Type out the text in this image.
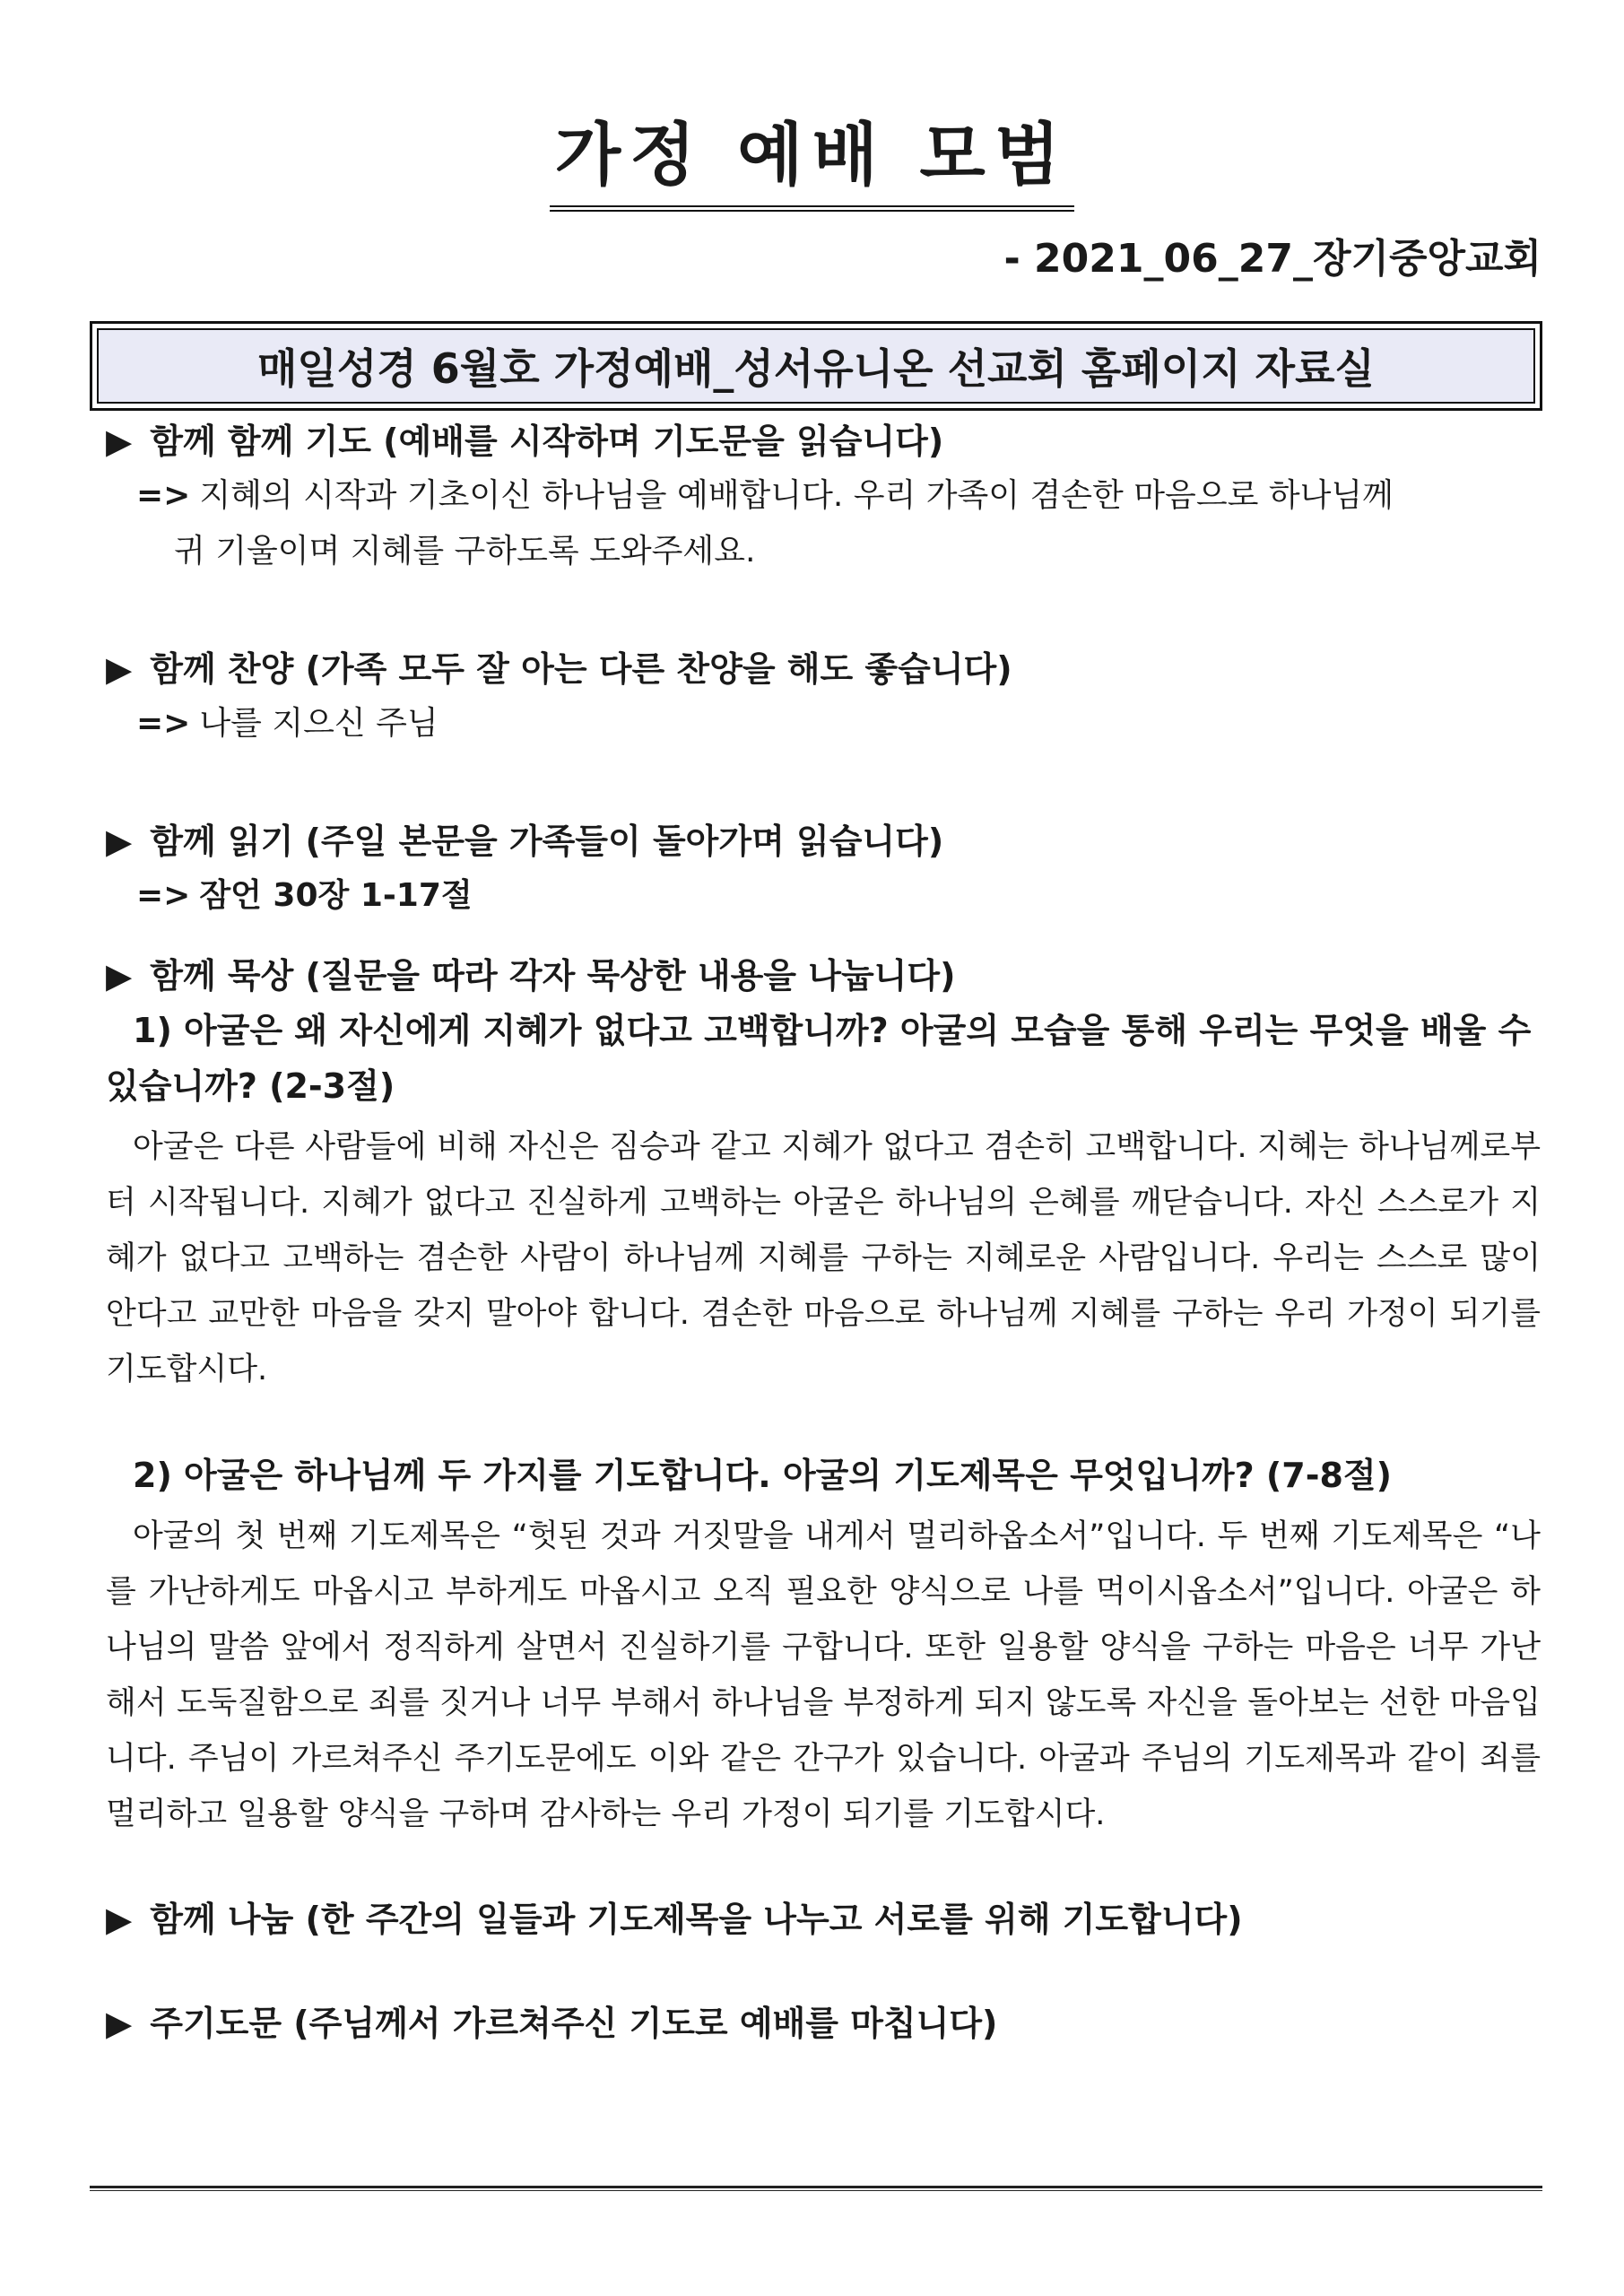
가정 예배 모범
- 2021_06_27_장기중앙교회
매일성경 6월호 가정예배_성서유니온 선교회 홈페이지 자료실

▶ 함께 함께 기도 (예배를 시작하며 기도문을 읽습니다)

=> 지혜의 시작과 기초이신 하나님을 예배합니다. 우리 가족이 겸손한 마음으로 하나님께

귀 기울이며 지혜를 구하도록 도와주세요.

▶ 함께 찬양 (가족 모두 잘 아는 다른 찬양을 해도 좋습니다)

=> 나를 지으신 주님

▶ 함께 읽기 (주일 본문을 가족들이 돌아가며 읽습니다)

=> 잠언 30장 1-17절

▶ 함께 묵상 (질문을 따라 각자 묵상한 내용을 나눕니다)

1) 아굴은 왜 자신에게 지혜가 없다고 고백합니까? 아굴의 모습을 통해 우리는 무엇을 배울 수 있습니까? (2-3절)

아굴은 다른 사람들에 비해 자신은 짐승과 같고 지혜가 없다고 겸손히 고백합니다. 지혜는 하나님께로부터 시작됩니다. 지혜가 없다고 진실하게 고백하는 아굴은 하나님의 은혜를 깨닫습니다. 자신 스스로가 지혜가 없다고 고백하는 겸손한 사람이 하나님께 지혜를 구하는 지혜로운 사람입니다. 우리는 스스로 많이 안다고 교만한 마음을 갖지 말아야 합니다. 겸손한 마음으로 하나님께 지혜를 구하는 우리 가정이 되기를 기도합시다.

2) 아굴은 하나님께 두 가지를 기도합니다. 아굴의 기도제목은 무엇입니까? (7-8절)

아굴의 첫 번째 기도제목은 “헛된 것과 거짓말을 내게서 멀리하옵소서”입니다. 두 번째 기도제목은 “나를 가난하게도 마옵시고 부하게도 마옵시고 오직 필요한 양식으로 나를 먹이시옵소서”입니다. 아굴은 하나님의 말씀 앞에서 정직하게 살면서 진실하기를 구합니다. 또한 일용할 양식을 구하는 마음은 너무 가난해서 도둑질함으로 죄를 짓거나 너무 부해서 하나님을 부정하게 되지 않도록 자신을 돌아보는 선한 마음입니다. 주님이 가르쳐주신 주기도문에도 이와 같은 간구가 있습니다. 아굴과 주님의 기도제목과 같이 죄를 멀리하고 일용할 양식을 구하며 감사하는 우리 가정이 되기를 기도합시다.

▶ 함께 나눔 (한 주간의 일들과 기도제목을 나누고 서로를 위해 기도합니다)

▶ 주기도문 (주님께서 가르쳐주신 기도로 예배를 마칩니다)
